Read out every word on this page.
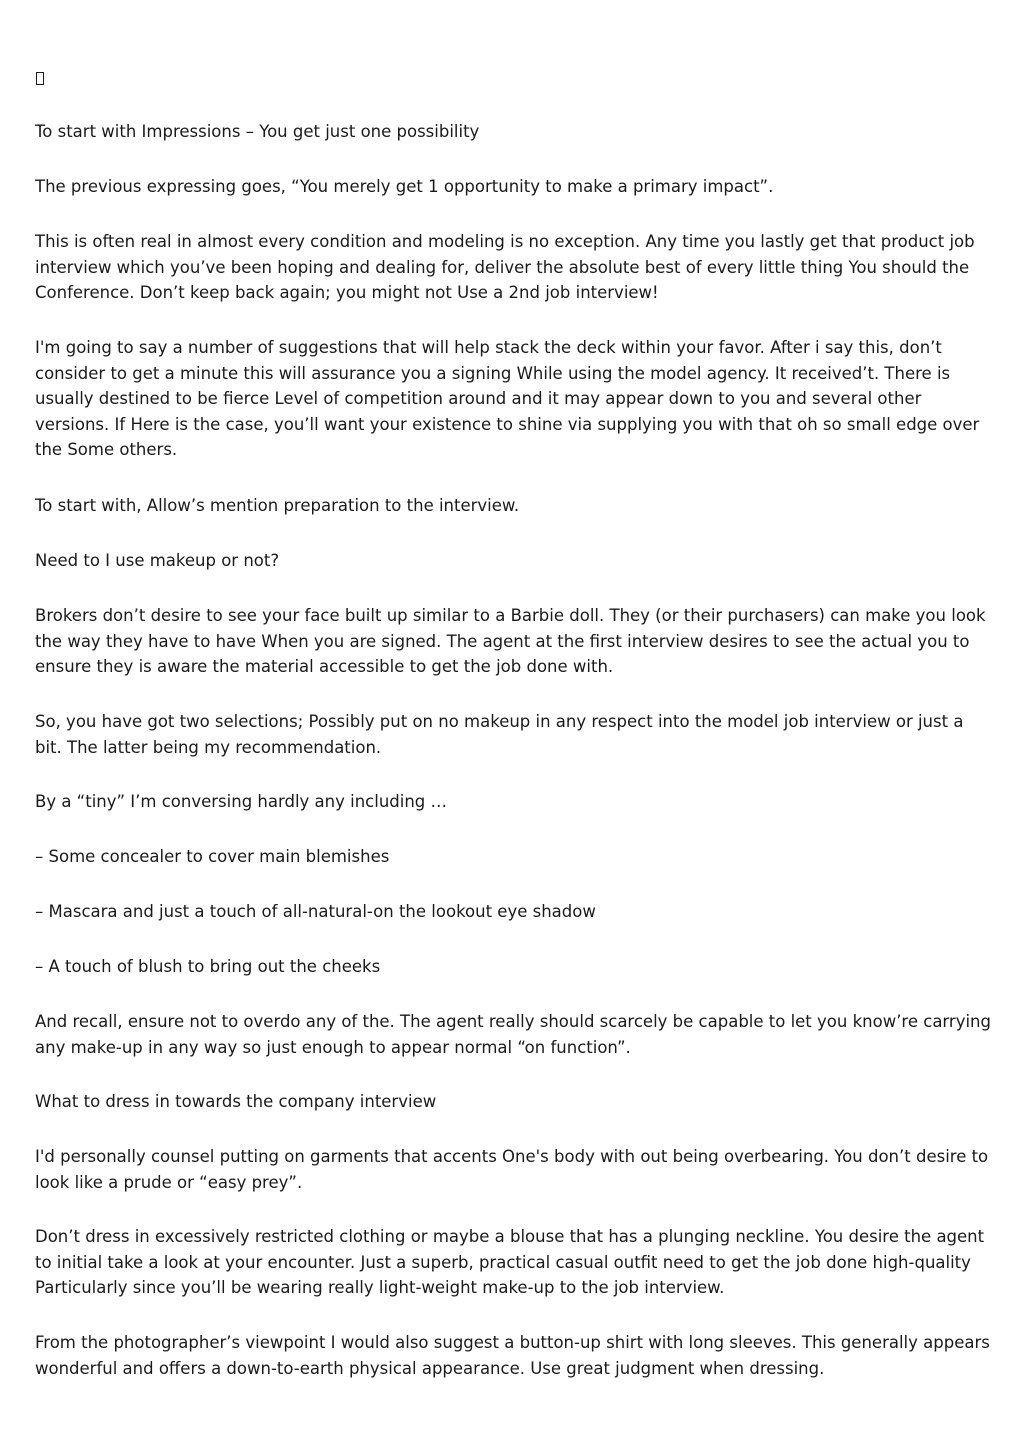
To start with Impressions – You get just one possibility

The previous expressing goes, “You merely get 1 opportunity to make a primary impact”.

This is often real in almost every condition and modeling is no exception. Any time you lastly get that product job interview which you’ve been hoping and dealing for, deliver the absolute best of every little thing You should the Conference. Don’t keep back again; you might not Use a 2nd job interview!

I'm going to say a number of suggestions that will help stack the deck within your favor. After i say this, don’t consider to get a minute this will assurance you a signing While using the model agency. It received’t. There is usually destined to be fierce Level of competition around and it may appear down to you and several other versions. If Here is the case, you’ll want your existence to shine via supplying you with that oh so small edge over the Some others.

To start with, Allow’s mention preparation to the interview.

Need to I use makeup or not?

Brokers don’t desire to see your face built up similar to a Barbie doll. They (or their purchasers) can make you look the way they have to have When you are signed. The agent at the first interview desires to see the actual you to ensure they is aware the material accessible to get the job done with.

So, you have got two selections; Possibly put on no makeup in any respect into the model job interview or just a bit. The latter being my recommendation.

By a “tiny” I’m conversing hardly any including …

– Some concealer to cover main blemishes

– Mascara and just a touch of all-natural-on the lookout eye shadow

– A touch of blush to bring out the cheeks

And recall, ensure not to overdo any of the. The agent really should scarcely be capable to let you know’re carrying any make-up in any way so just enough to appear normal “on function”.

What to dress in towards the company interview

I'd personally counsel putting on garments that accents One's body with out being overbearing. You don’t desire to look like a prude or “easy prey”.

Don’t dress in excessively restricted clothing or maybe a blouse that has a plunging neckline. You desire the agent to initial take a look at your encounter. Just a superb, practical casual outfit need to get the job done high-quality Particularly since you’ll be wearing really light-weight make-up to the job interview.

From the photographer’s viewpoint I would also suggest a button-up shirt with long sleeves. This generally appears wonderful and offers a down-to-earth physical appearance. Use great judgment when dressing.
